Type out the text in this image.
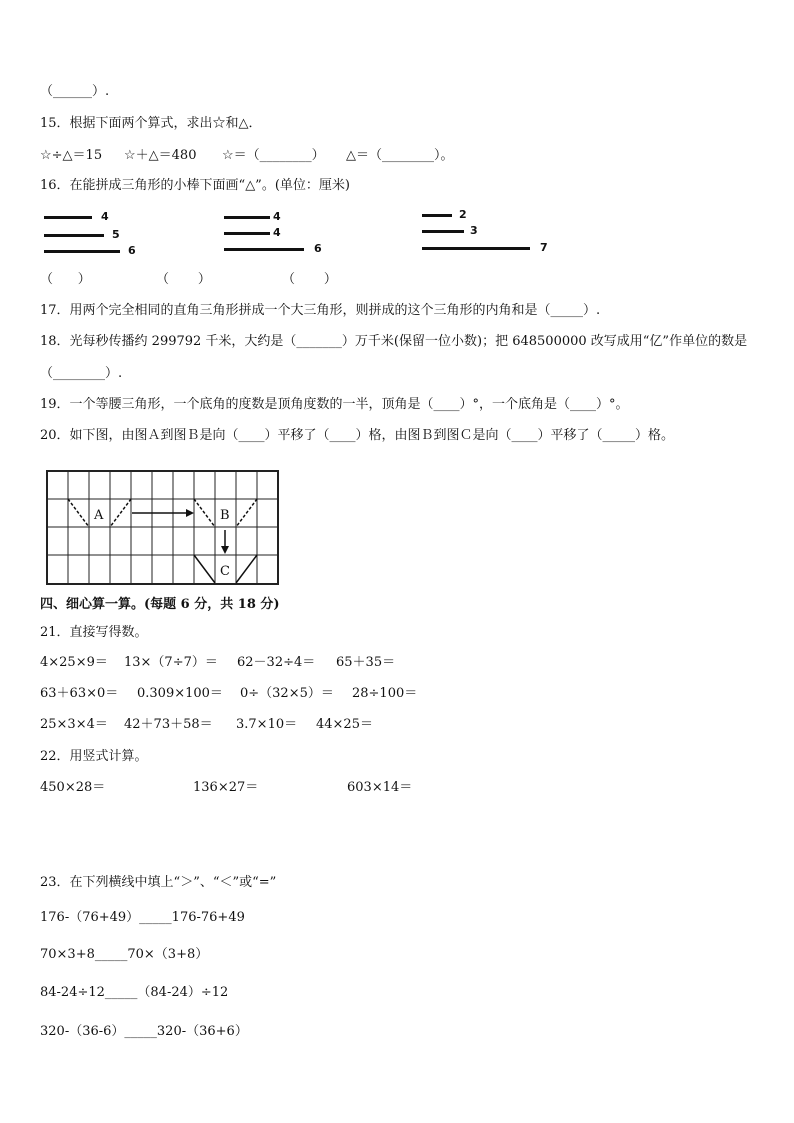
（______）.
15．根据下面两个算式，求出☆和△．
☆÷△＝15 ☆＋△＝480 ☆＝（________） △＝（________）。
16．在能拼成三角形的小棒下面画“△”。(单位：厘米)
4
5
6
4
4
6
2
3
7
（      ）	（       ）	（       ）
17．用两个完全相同的直角三角形拼成一个大三角形，则拼成的这个三角形的内角和是（_____）.
18．光每秒传播约 299792 千米，大约是（_______）万千米(保留一位小数)；把 648500000 改写成用“亿”作单位的数是
（________）.
19．一个等腰三角形，一个底角的度数是顶角度数的一半，顶角是（____）°，一个底角是（____）°。
20．如下图，由图Ａ到图Ｂ是向（____）平移了（____）格，由图Ｂ到图Ｃ是向（____）平移了（_____）格。
A	B
C
四、细心算一算。(每题 6 分，共 18 分)
21．直接写得数。
4×25×9＝ 13×（7÷7）＝ 62－32÷4＝ 65＋35＝
63＋63×0＝ 0.309×100＝ 0÷（32×5）＝ 28÷100＝
25×3×4＝ 42＋73＋58＝ 3.7×10＝ 44×25＝
22．用竖式计算。
450×28＝	136×27＝	603×14＝
23．在下列横线中填上“＞”、“＜”或“=”
176-（76+49）_____176-76+49
70×3+8_____70×（3+8）
84-24÷12_____（84-24）÷12
320-（36-6）_____320-（36+6）
